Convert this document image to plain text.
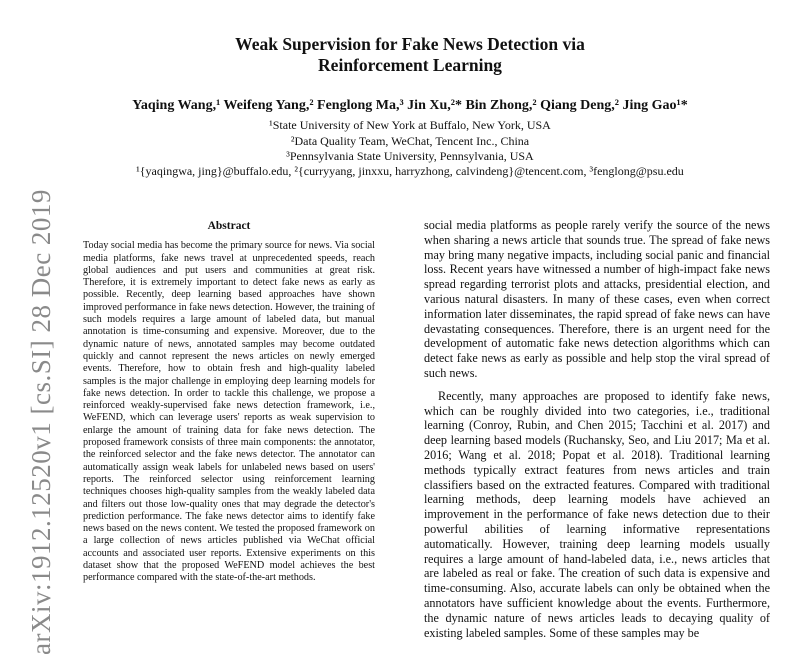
arXiv:1912.12520v1 [cs.SI] 28 Dec 2019
Weak Supervision for Fake News Detection via
Reinforcement Learning
Yaqing Wang,¹ Weifeng Yang,² Fenglong Ma,³ Jin Xu,²* Bin Zhong,² Qiang Deng,² Jing Gao¹*
¹State University of New York at Buffalo, New York, USA
²Data Quality Team, WeChat, Tencent Inc., China
³Pennsylvania State University, Pennsylvania, USA
¹{yaqingwa, jing}@buffalo.edu, ²{curryyang, jinxxu, harryzhong, calvindeng}@tencent.com, ³fenglong@psu.edu
Abstract

Today social media has become the primary source for news. Via social media platforms, fake news travel at unprecedented speeds, reach global audiences and put users and communities at great risk. Therefore, it is extremely important to detect fake news as early as possible. Recently, deep learning based approaches have shown improved performance in fake news detection. However, the training of such models requires a large amount of labeled data, but manual annotation is time-consuming and expensive. Moreover, due to the dynamic nature of news, annotated samples may become outdated quickly and cannot represent the news articles on newly emerged events. Therefore, how to obtain fresh and high-quality labeled samples is the major challenge in employing deep learning models for fake news detection. In order to tackle this challenge, we propose a reinforced weakly-supervised fake news detection framework, i.e., WeFEND, which can leverage users' reports as weak supervision to enlarge the amount of training data for fake news detection. The proposed framework consists of three main components: the annotator, the reinforced selector and the fake news detector. The annotator can automatically assign weak labels for unlabeled news based on users' reports. The reinforced selector using reinforcement learning techniques chooses high-quality samples from the weakly labeled data and filters out those low-quality ones that may degrade the detector's prediction performance. The fake news detector aims to identify fake news based on the news content. We tested the proposed framework on a large collection of news articles published via WeChat official accounts and associated user reports. Extensive experiments on this dataset show that the proposed WeFEND model achieves the best performance compared with the state-of-the-art methods.

social media platforms as people rarely verify the source of the news when sharing a news article that sounds true. The spread of fake news may bring many negative impacts, including social panic and financial loss. Recent years have witnessed a number of high-impact fake news spread regarding terrorist plots and attacks, presidential election, and various natural disasters. In many of these cases, even when correct information later disseminates, the rapid spread of fake news can have devastating consequences. Therefore, there is an urgent need for the development of automatic fake news detection algorithms which can detect fake news as early as possible and help stop the viral spread of such news.

Recently, many approaches are proposed to identify fake news, which can be roughly divided into two categories, i.e., traditional learning (Conroy, Rubin, and Chen 2015; Tacchini et al. 2017) and deep learning based models (Ruchansky, Seo, and Liu 2017; Ma et al. 2016; Wang et al. 2018; Popat et al. 2018). Traditional learning methods typically extract features from news articles and train classifiers based on the extracted features. Compared with traditional learning methods, deep learning models have achieved an improvement in the performance of fake news detection due to their powerful abilities of learning informative representations automatically. However, training deep learning models usually requires a large amount of hand-labeled data, i.e., news articles that are labeled as real or fake. The creation of such data is expensive and time-consuming. Also, accurate labels can only be obtained when the annotators have sufficient knowledge about the events. Furthermore, the dynamic nature of news articles leads to decaying quality of existing labeled samples. Some of these samples may be
